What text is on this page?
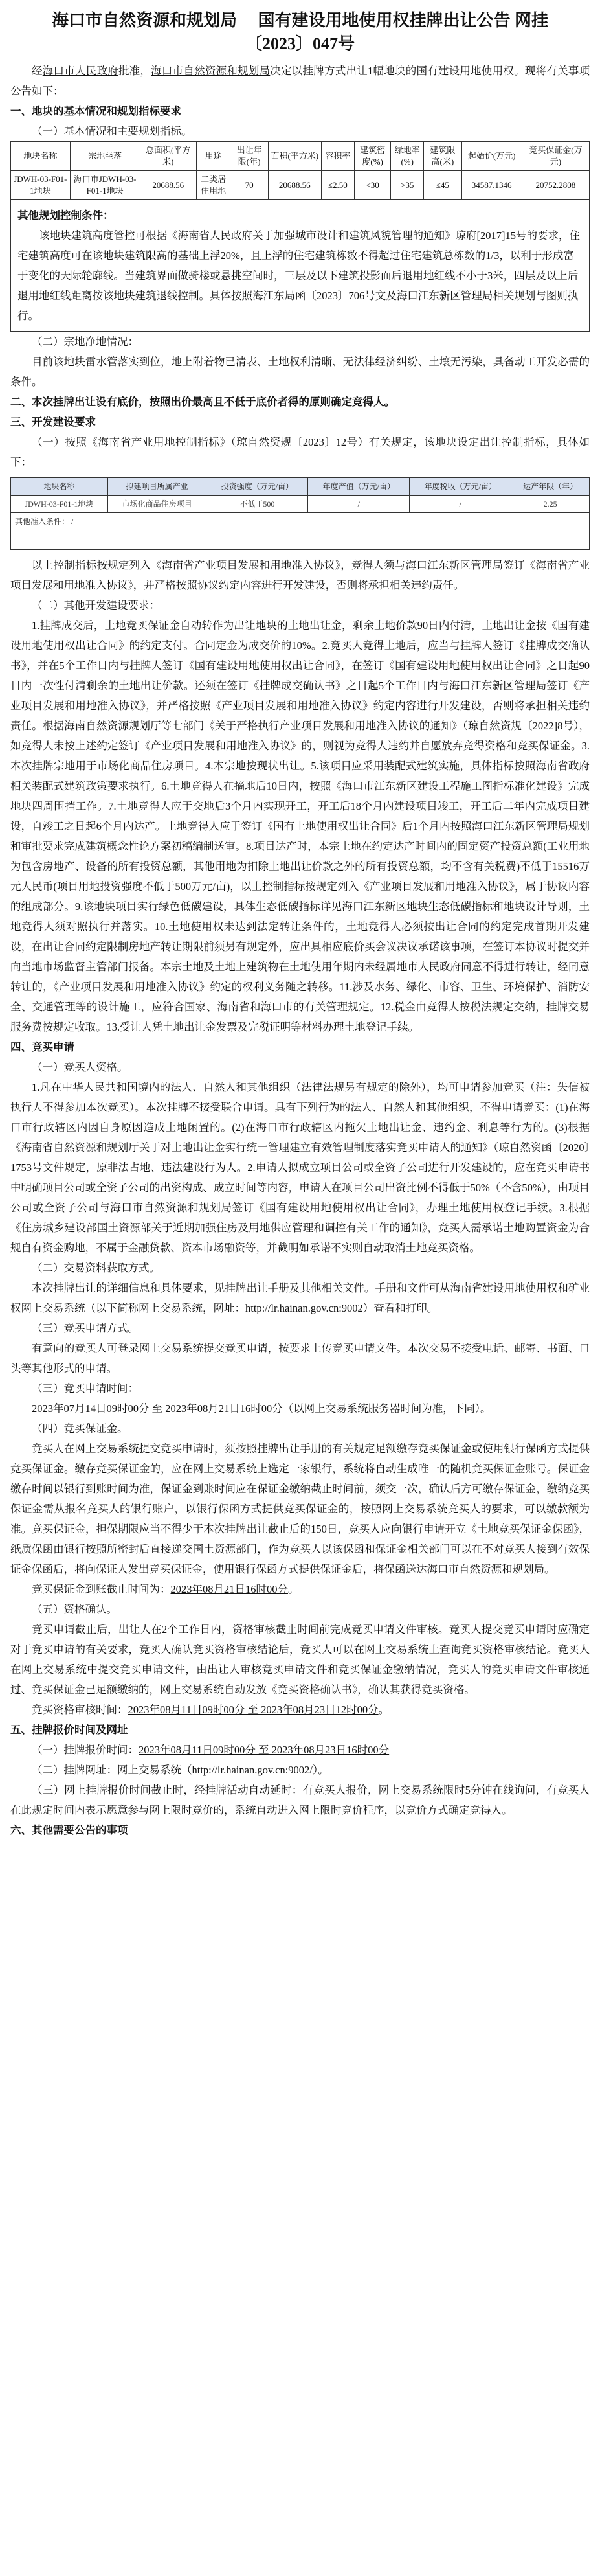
海口市自然资源和规划局　 国有建设用地使用权挂牌出让公告 网挂
〔2023〕047号

经海口市人民政府批准，海口市自然资源和规划局决定以挂牌方式出让1幅地块的国有建设用地使用权。现将有关事项公告如下：

一、地块的基本情况和规划指标要求

（一）基本情况和主要规划指标。

地块名称	宗地坐落	总面积(平方米)	用途	出让年限(年)	面积(平方米)	容积率	建筑密度(%)	绿地率(%)	建筑限高(米)	起始价(万元)	竞买保证金(万元)
JDWH-03-F01-1地块	海口市JDWH-03-F01-1地块	20688.56	二类居住用地	70	20688.56	≤2.50	<30	>35	≤45	34587.1346	20752.2808

其他规划控制条件：
该地块建筑高度管控可根据《海南省人民政府关于加强城市设计和建筑风貌管理的通知》琼府[2017]15号的要求，住宅建筑高度可在该地块建筑限高的基础上浮20%，且上浮的住宅建筑栋数不得超过住宅建筑总栋数的1/3，以利于形成富于变化的天际轮廓线。当建筑界面做骑楼或悬挑空间时，三层及以下建筑投影面后退用地红线不小于3米，四层及以上后退用地红线距离按该地块建筑退线控制。具体按照海江东局函〔2023〕706号文及海口江东新区管理局相关规划与图则执行。											

（二）宗地净地情况：

目前该地块雷水管落实到位，地上附着物已清表、土地权利清晰、无法律经济纠纷、土壤无污染，具备动工开发必需的条件。

二、本次挂牌出让设有底价，按照出价最高且不低于底价者得的原则确定竞得人。

三、开发建设要求

（一）按照《海南省产业用地控制指标》（琼自然资规〔2023〕12号）有关规定，该地块设定出让控制指标，具体如下：

地块名称	拟建项目所属产业	投资强度（万元/亩）	年度产值（万元/亩）	年度税收（万元/亩）	达产年限（年）
JDWH-03-F01-1地块	市场化商品住房项目	不低于500	/	/	2.25
其他准入条件： /					

以上控制指标按规定列入《海南省产业项目发展和用地准入协议》，竞得人须与海口江东新区管理局签订《海南省产业项目发展和用地准入协议》，并严格按照协议约定内容进行开发建设，否则将承担相关违约责任。

（二）其他开发建设要求：

1.挂牌成交后，土地竞买保证金自动转作为出让地块的土地出让金，剩余土地价款90日内付清，土地出让金按《国有建设用地使用权出让合同》的约定支付。合同定金为成交价的10%。2.竞买人竞得土地后，应当与挂牌人签订《挂牌成交确认书》，并在5个工作日内与挂牌人签订《国有建设用地使用权出让合同》，在签订《国有建设用地使用权出让合同》之日起90日内一次性付清剩余的土地出让价款。还须在签订《挂牌成交确认书》之日起5个工作日内与海口江东新区管理局签订《产业项目发展和用地准入协议》，并严格按照《产业项目发展和用地准入协议》约定内容进行开发建设，否则将承担相关违约责任。根据海南自然资源规划厅等七部门《关于严格执行产业项目发展和用地准入协议的通知》（琼自然资规〔2022]8号），如竞得人未按上述约定签订《产业项目发展和用地准入协议》的，则视为竞得人违约并自愿放弃竞得资格和竞买保证金。3.本次挂牌宗地用于市场化商品住房项目。4.本宗地按现状出让。5.该项目应采用装配式建筑实施，具体指标按照海南省政府相关装配式建筑政策要求执行。6.土地竞得人在摘地后10日内，按照《海口市江东新区建设工程施工图指标准化建设》完成地块四周围挡工作。7.土地竞得人应于交地后3个月内实现开工，开工后18个月内建设项目竣工，开工后二年内完成项目建设，自竣工之日起6个月内达产。土地竞得人应于签订《国有土地使用权出让合同》后1个月内按照海口江东新区管理局规划和审批要求完成建筑概念性论方案初稿编制送审。8.项目达产时，本宗土地在约定达产时间内的固定资产投资总额(工业用地为包含房地产、设备的所有投资总额，其他用地为扣除土地出让价款之外的所有投资总额，均不含有关税费)不低于15516万元人民币(项目用地投资强度不低于500万元/亩)，以上控制指标按规定列入《产业项目发展和用地准入协议》，属于协议内容的组成部分。9.该地块项目实行绿色低碳建设，具体生态低碳指标详见海口江东新区地块生态低碳指标和地块设计导则，土地竞得人须对照执行并落实。10.土地使用权未达到法定转让条件的，土地竞得人必须按出让合同的约定完成首期开发建设，在出让合同约定限制房地产转让期限前须另有规定外，应出具相应底价买会议决议承诺该事项，在签订本协议时提交并向当地市场监督主管部门报备。本宗土地及土地上建筑物在土地使用年期内未经属地市人民政府同意不得进行转让，经同意转让的，《产业项目发展和用地准入协议》约定的权利义务随之转移。11.涉及水务、绿化、市容、卫生、环境保护、消防安全、交通管理等的设计施工，应符合国家、海南省和海口市的有关管理规定。12.税金由竞得人按税法规定交纳，挂牌交易服务费按规定收取。13.受让人凭土地出让金发票及完税证明等材料办理土地登记手续。

四、竞买申请

（一）竞买人资格。

1.凡在中华人民共和国境内的法人、自然人和其他组织（法律法规另有规定的除外），均可申请参加竞买（注：失信被执行人不得参加本次竞买）。本次挂牌不接受联合申请。具有下列行为的法人、自然人和其他组织，不得申请竞买：(1)在海口市行政辖区内因自身原因造成土地闲置的。(2)在海口市行政辖区内拖欠土地出让金、违约金、利息等行为的。(3)根据《海南省自然资源和规划厅关于对土地出让金实行统一管理建立有效管理制度落实竞买申请人的通知》（琼自然资函〔2020〕1753号文件规定，原非法占地、违法建设行为人。2.申请人拟成立项目公司或全资子公司进行开发建设的，应在竞买申请书中明确项目公司或全资子公司的出资构成、成立时间等内容，申请人在项目公司出资比例不得低于50%（不含50%），由项目公司或全资子公司与海口市自然资源和规划局签订《国有建设用地使用权出让合同》，办理土地使用权登记手续。3.根据《住房城乡建设部国土资源部关于近期加强住房及用地供应管理和调控有关工作的通知》，竞买人需承诺土地购置资金为合规自有资金购地，不属于金融贷款、资本市场融资等，并截明如承诺不实则自动取消土地竞买资格。

（二）交易资料获取方式。

本次挂牌出让的详细信息和具体要求，见挂牌出让手册及其他相关文件。手册和文件可从海南省建设用地使用权和矿业权网上交易系统（以下简称网上交易系统，网址：http://lr.hainan.gov.cn:9002）查看和打印。

（三）竞买申请方式。

有意向的竞买人可登录网上交易系统提交竞买申请，按要求上传竞买申请文件。本次交易不接受电话、邮寄、书面、口头等其他形式的申请。

（三）竞买申请时间：

2023年07月14日09时00分 至 2023年08月21日16时00分（以网上交易系统服务器时间为准，下同）。

（四）竞买保证金。

竞买人在网上交易系统提交竞买申请时，须按照挂牌出让手册的有关规定足额缴存竞买保证金或使用银行保函方式提供竞买保证金。缴存竞买保证金的，应在网上交易系统上选定一家银行，系统将自动生成唯一的随机竞买保证金账号。保证金缴存时间以银行到账时间为准，保证金到账时间应在保证金缴纳截止时间前，须交一次，确认后方可缴存保证金，缴纳竞买保证金需从报名竞买人的银行账户，以银行保函方式提供竞买保证金的，按照网上交易系统竞买人的要求，可以缴款额为准。竞买保证金，担保期限应当不得少于本次挂牌出让截止后的150日，竞买人应向银行申请开立《土地竞买保证金保函》，纸质保函由银行按照所密封后直接递交国土资源部门，作为竞买人以该保函和保证金相关部门可以在不对竞买人接到有效保证金保函后，将向保证人发出竞买保证金，使用银行保函方式提供保证金后，将保函送达海口市自然资源和规划局。

竞买保证金到账截止时间为：2023年08月21日16时00分。

（五）资格确认。

竞买申请截止后，出让人在2个工作日内，资格审核截止时间前完成竞买申请文件审核。竞买人提交竞买申请时应确定对于竞买申请的有关要求，竞买人确认竞买资格审核结论后，竞买人可以在网上交易系统上查询竞买资格审核结论。竞买人在网上交易系统中提交竞买申请文件，由出让人审核竞买申请文件和竞买保证金缴纳情况，竞买人的竞买申请文件审核通过、竞买保证金已足额缴纳的，网上交易系统自动发放《竞买资格确认书》，确认其获得竞买资格。

竞买资格审核时间：2023年08月11日09时00分 至 2023年08月23日12时00分。

五、挂牌报价时间及网址

（一）挂牌报价时间：2023年08月11日09时00分 至 2023年08月23日16时00分

（二）挂牌网址：网上交易系统（http://lr.hainan.gov.cn:9002/）。

（三）网上挂牌报价时间截止时，经挂牌活动自动延时：有竞买人报价，网上交易系统限时5分钟在线询问，有竞买人在此规定时间内表示愿意参与网上限时竞价的，系统自动进入网上限时竞价程序，以竞价方式确定竞得人。

六、其他需要公告的事项
